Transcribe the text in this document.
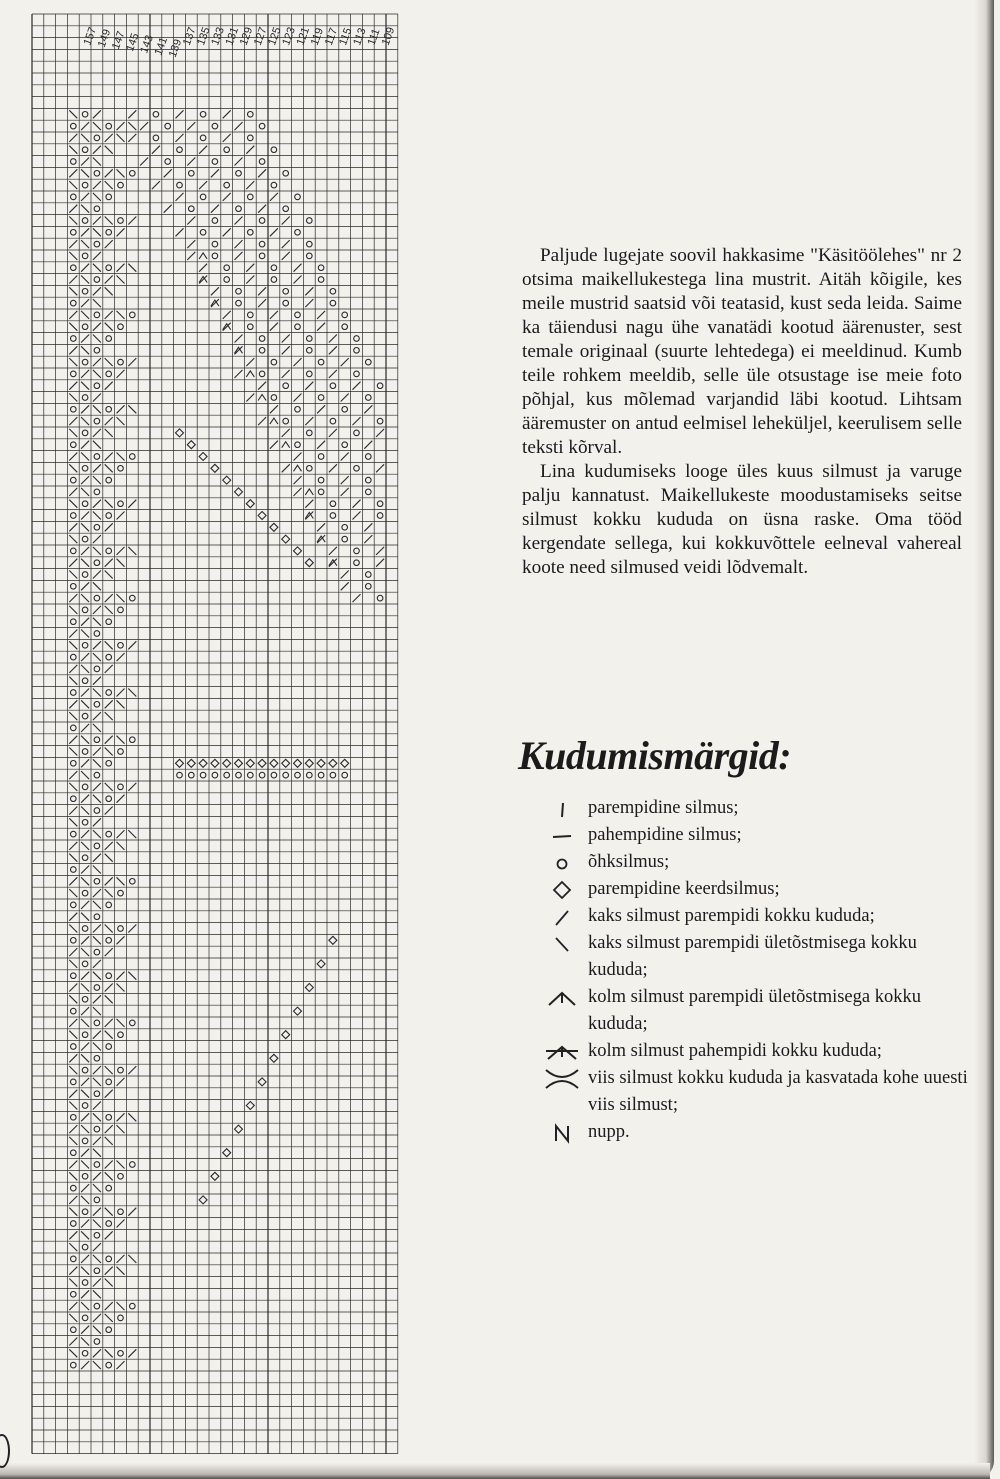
157
149
147
145
143
141
139
137
135
133
131
129
127
125
123
121
119
117
115
113
111
109

Paljude lugejate soovil hakkasime "Käsitöölehes" nr 2 otsima maikellukestega lina mustrit. Aitäh kõigile, kes meile mustrid saatsid või teatasid, kust seda leida. Saime ka täiendusi nagu ühe vanatädi kootud äärenuster, sest temale originaal (suurte lehtedega) ei meeldinud. Kumb teile rohkem meeldib, selle üle otsustage ise meie foto põhjal, kus mõlemad varjandid läbi kootud. Lihtsam ääremuster on antud eelmisel leheküljel, keerulisem selle teksti kõrval.

Lina kudumiseks looge üles kuus silmust ja varuge palju kannatust. Maikellukeste moodustamiseks seitse silmust kokku kududa on üsna raske. Oma tööd kergendate sellega, kui kokkuvõttele eelneval vahereal koote need silmused veidi lõdvemalt.

Kudumismärgid:
parempidine silmus;
pahempidine silmus;
õhksilmus;
parempidine keerdsilmus;
kaks silmust parempidi kokku kududa;
kaks silmust parempidi ületõstmisega kokku kududa;
kolm silmust parempidi ületõstmisega kokku kududa;
kolm silmust pahempidi kokku kududa;
viis silmust kokku kududa ja kasvatada kohe uuesti viis silmust;
nupp.
